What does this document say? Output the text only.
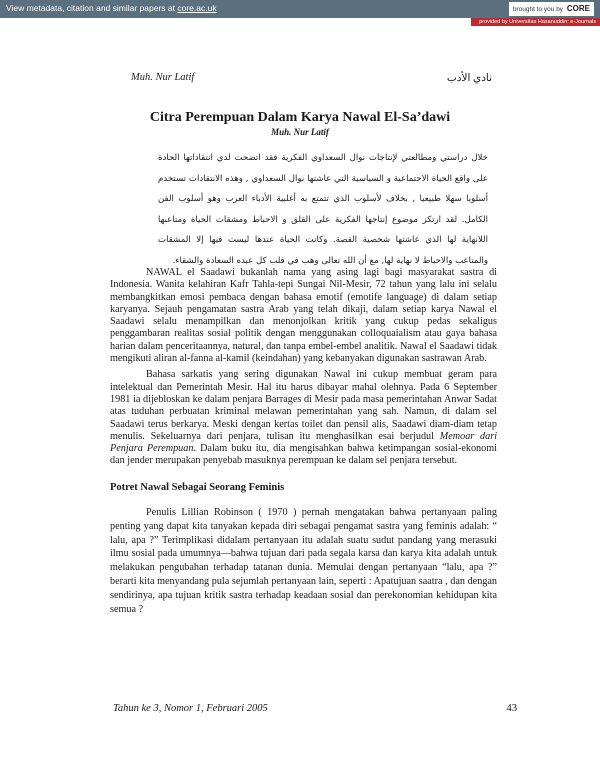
View metadata, citation and similar papers at core.ac.uk	brought to you by CORE
provided by Universitas Hasanuddin: e-Journals
Muh. Nur Latif	نادي الأدب
Citra Perempuan Dalam Karya Nawal El-Sa’dawi
Muh. Nur Latif

خلال دراستي ومطالعتي لإنتاجات نوال السعداوي الفكرية فقد اتضحت لدي انتقاداتها الحادة على واقع الحياة الاجتماعية و السياسية التي عاشتها نوال السعداوي , وهذه الانتقادات تستخدم أسلوبا سهلا طبيعيا , بخلاف لأسلوب الذي تتمتع به أغلبية الأدباء العرب وهو أسلوب الفن الكامل. لقد ارتكز موضوع إنتاجها الفكرية على القلق و الاحباط ومشقات الحياة ومتاعبها اللانهاية لها الذي عاشتها شخصية القصة. وكانت الحياة عندها ليست فيها إلا المشقات والمتاعب والاحباط لا نهاية لها, مع أن الله تعالى وهب في قلب كل عبده السعادة والشقاء.

NAWAL el Saadawi bukanlah nama yang asing lagi bagi masyarakat sastra di Indonesia. Wanita kelahiran Kafr Tahla-tepi Sungai Nil-Mesir, 72 tahun yang lalu ini selalu membangkitkan emosi pembaca dengan bahasa emotif (emotife language) di dalam setiap karyanya. Sejauh pengamatan sastra Arab yang telah dikaji, dalam setiap karya Nawal el Saadawi selalu menampilkan dan menonjolkan kritik yang cukup pedas sekaligus penggambaran realitas sosial politik dengan menggunakan colloquaialism atau gaya bahasa harian dalam penceritaannya, natural, dan tanpa embel-embel analitik. Nawal el Saadawi tidak mengikuti aliran al-fanna al-kamil (keindahan) yang kebanyakan digunakan sastrawan Arab.

Bahasa sarkatis yang sering digunakan Nawal ini cukup membuat geram para intelektual dan Pemerintah Mesir. Hal itu harus dibayar mahal olehnya. Pada 6 September 1981 ia dijebloskan ke dalam penjara Barrages di Mesir pada masa pemerintahan Anwar Sadat atas tuduhan perbuatan kriminal melawan pemerintahan yang sah. Namun, di dalam sel Saadawi terus berkarya. Meski dengan kertas toilet dan pensil alis, Saadawi diam-diam tetap menulis. Sekeluarnya dari penjara, tulisan itu menghasilkan esai berjudul Memoar dari Penjara Perempuan. Dalam buku itu, dia mengisahkan bahwa ketimpangan sosial-ekonomi dan jender merupakan penyebab masuknya perempuan ke dalam sel penjara tersebut.

Potret Nawal Sebagai Seorang Feminis

Penulis Lillian Robinson ( 1970 ) pernah mengatakan bahwa pertanyaan paling penting yang dapat kita tanyakan kepada diri sebagai pengamat sastra yang feminis adalah: “ lalu, apa ?” Terimplikasi didalam pertanyaan itu adalah suatu sudut pandang yang merasuki ilmu sosial pada umumnya—bahwa tujuan dari pada segala karsa dan karya kita adalah untuk melakukan pengubahan terhadap tatanan dunia. Memulai dengan pertanyaan “lalu, apa ?” berarti kita menyandang pula sejumlah pertanyaan lain, seperti : Apatujuan saatra , dan dengan sendirinya, apa tujuan kritik sastra terhadap keadaan sosial dan perekonomian kehidupan kita semua ?

Tahun ke 3, Nomor 1, Februari 2005	43
